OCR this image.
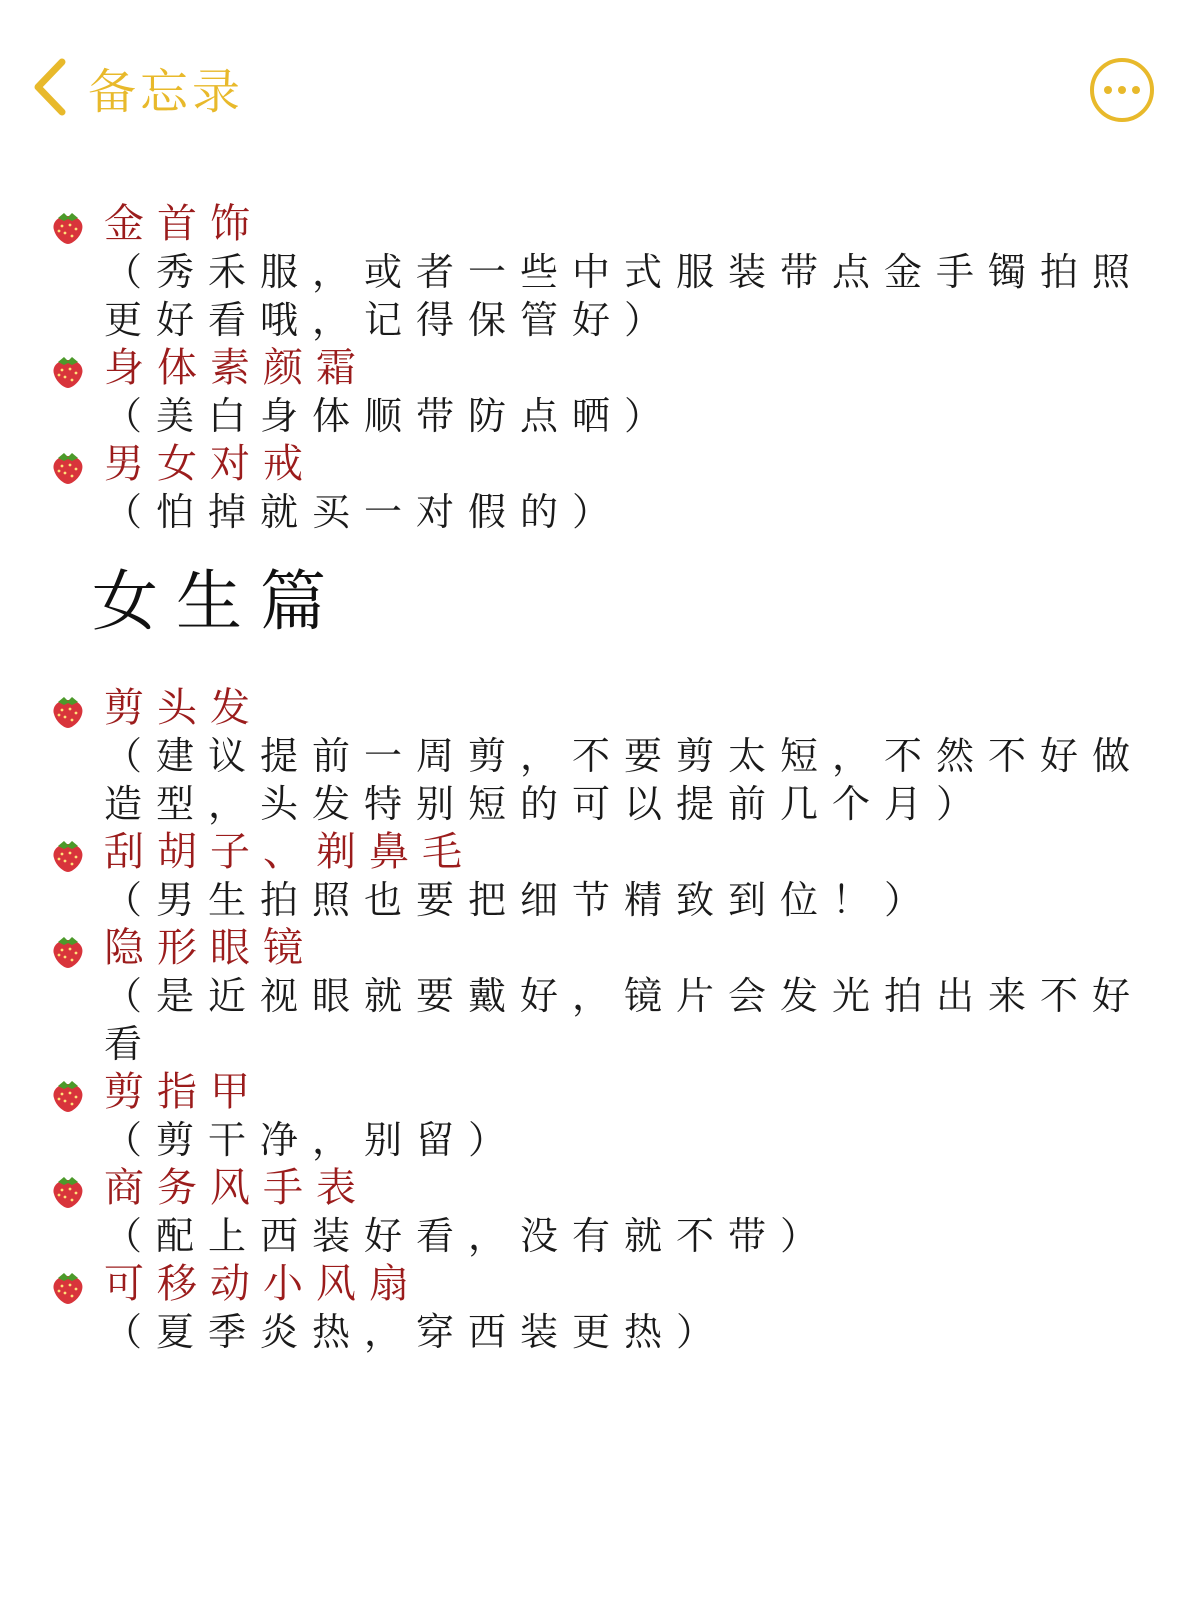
备忘录
金首饰
（秀禾服，或者一些中式服装带点金手镯拍照更好看哦，记得保管好）
身体素颜霜
（美白身体顺带防点晒）
男女对戒
（怕掉就买一对假的）
女生篇
剪头发
（建议提前一周剪，不要剪太短，不然不好做造型，头发特别短的可以提前几个月）
刮胡子、剃鼻毛
（男生拍照也要把细节精致到位！）
隐形眼镜
（是近视眼就要戴好，镜片会发光拍出来不好看
剪指甲
（剪干净，别留）
商务风手表
（配上西装好看，没有就不带）
可移动小风扇
（夏季炎热，穿西装更热）
